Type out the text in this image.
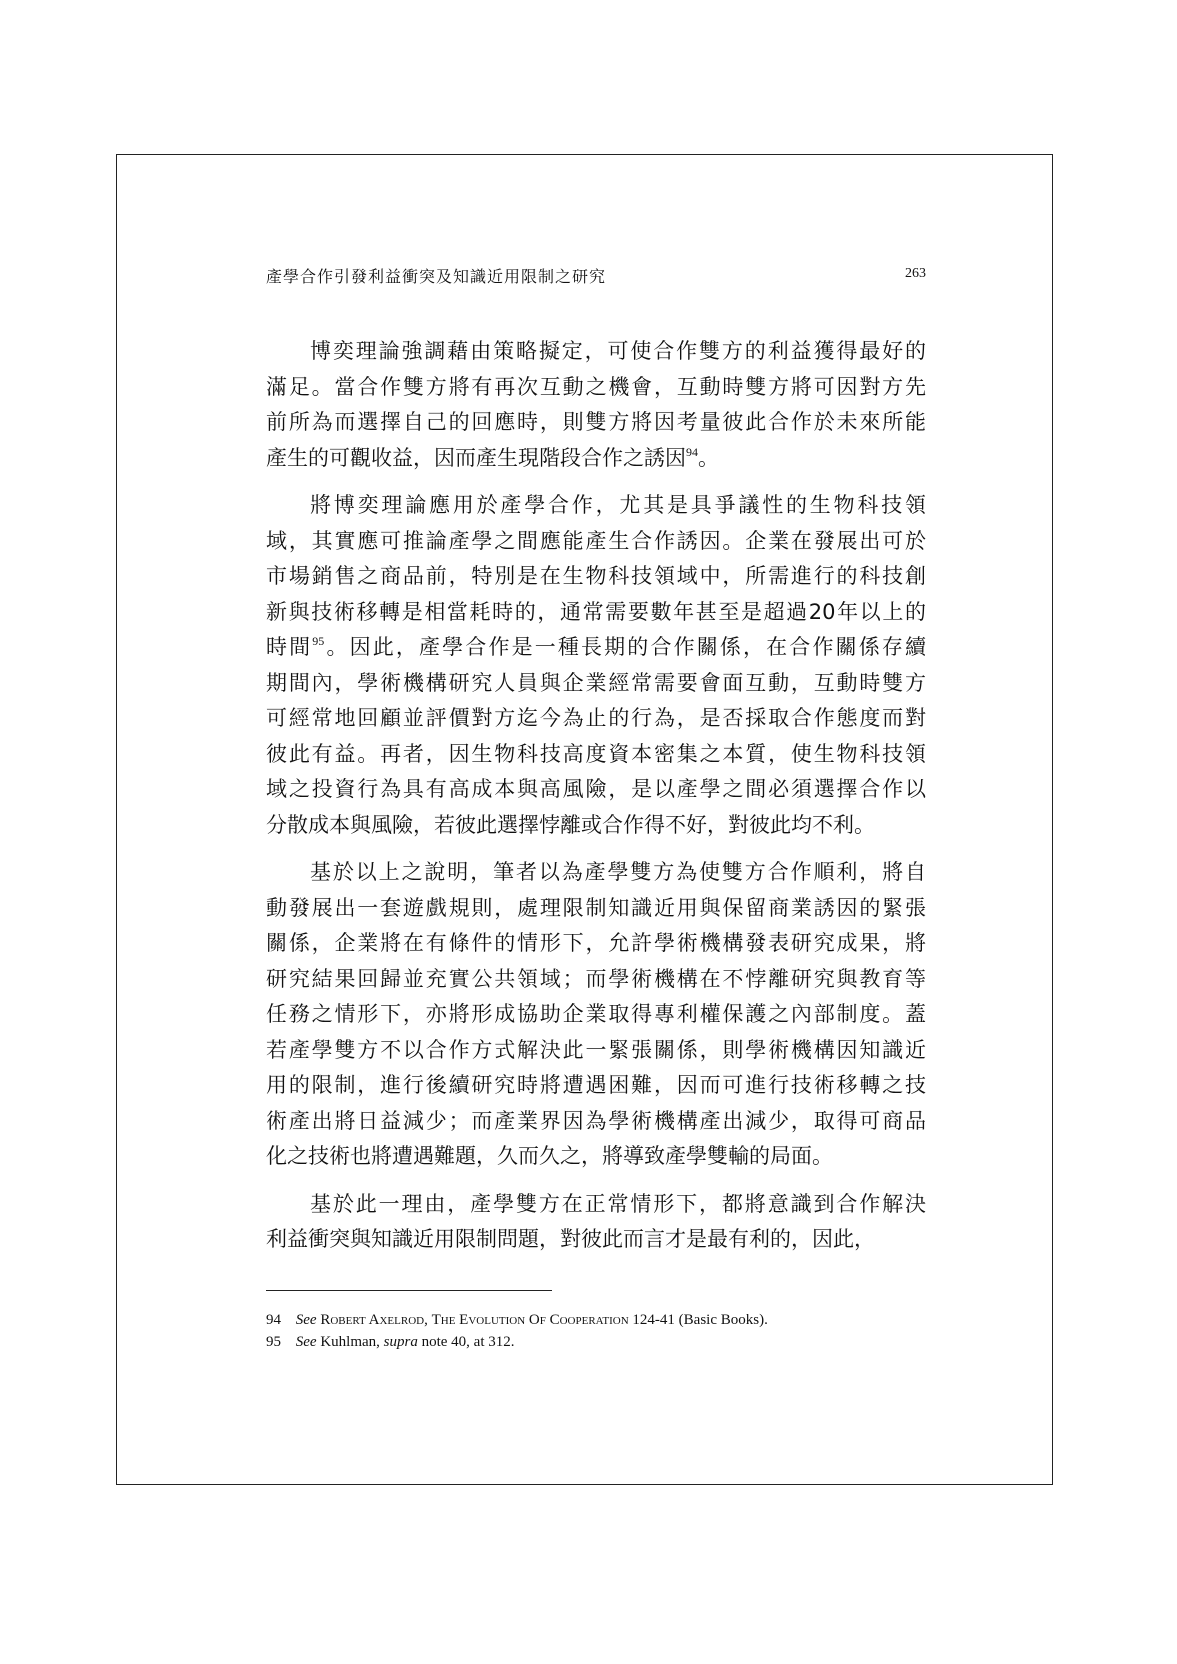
產學合作引發利益衝突及知識近用限制之研究	263

博奕理論強調藉由策略擬定，可使合作雙方的利益獲得最好的
滿足。當合作雙方將有再次互動之機會，互動時雙方將可因對方先
前所為而選擇自己的回應時，則雙方將因考量彼此合作於未來所能
產生的可觀收益，因而產生現階段合作之誘因$^{94}$。

將博奕理論應用於產學合作，尤其是具爭議性的生物科技領
域，其實應可推論產學之間應能產生合作誘因。企業在發展出可於
市場銷售之商品前，特別是在生物科技領域中，所需進行的科技創
新與技術移轉是相當耗時的，通常需要數年甚至是超過20年以上的
時間$^{95}$。因此，產學合作是一種長期的合作關係，在合作關係存續
期間內，學術機構研究人員與企業經常需要會面互動，互動時雙方
可經常地回顧並評價對方迄今為止的行為，是否採取合作態度而對
彼此有益。再者，因生物科技高度資本密集之本質，使生物科技領
域之投資行為具有高成本與高風險，是以產學之間必須選擇合作以
分散成本與風險，若彼此選擇悖離或合作得不好，對彼此均不利。

基於以上之說明，筆者以為產學雙方為使雙方合作順利，將自
動發展出一套遊戲規則，處理限制知識近用與保留商業誘因的緊張
關係，企業將在有條件的情形下，允許學術機構發表研究成果，將
研究結果回歸並充實公共領域；而學術機構在不悖離研究與教育等
任務之情形下，亦將形成協助企業取得專利權保護之內部制度。蓋
若產學雙方不以合作方式解決此一緊張關係，則學術機構因知識近
用的限制，進行後續研究時將遭遇困難，因而可進行技術移轉之技
術產出將日益減少；而產業界因為學術機構產出減少，取得可商品
化之技術也將遭遇難題，久而久之，將導致產學雙輸的局面。

基於此一理由，產學雙方在正常情形下，都將意識到合作解決
利益衝突與知識近用限制問題，對彼此而言才是最有利的，因此，

94 See Robert Axelrod, The Evolution Of Cooperation 124-41 (Basic Books).
95 See Kuhlman, supra note 40, at 312.
